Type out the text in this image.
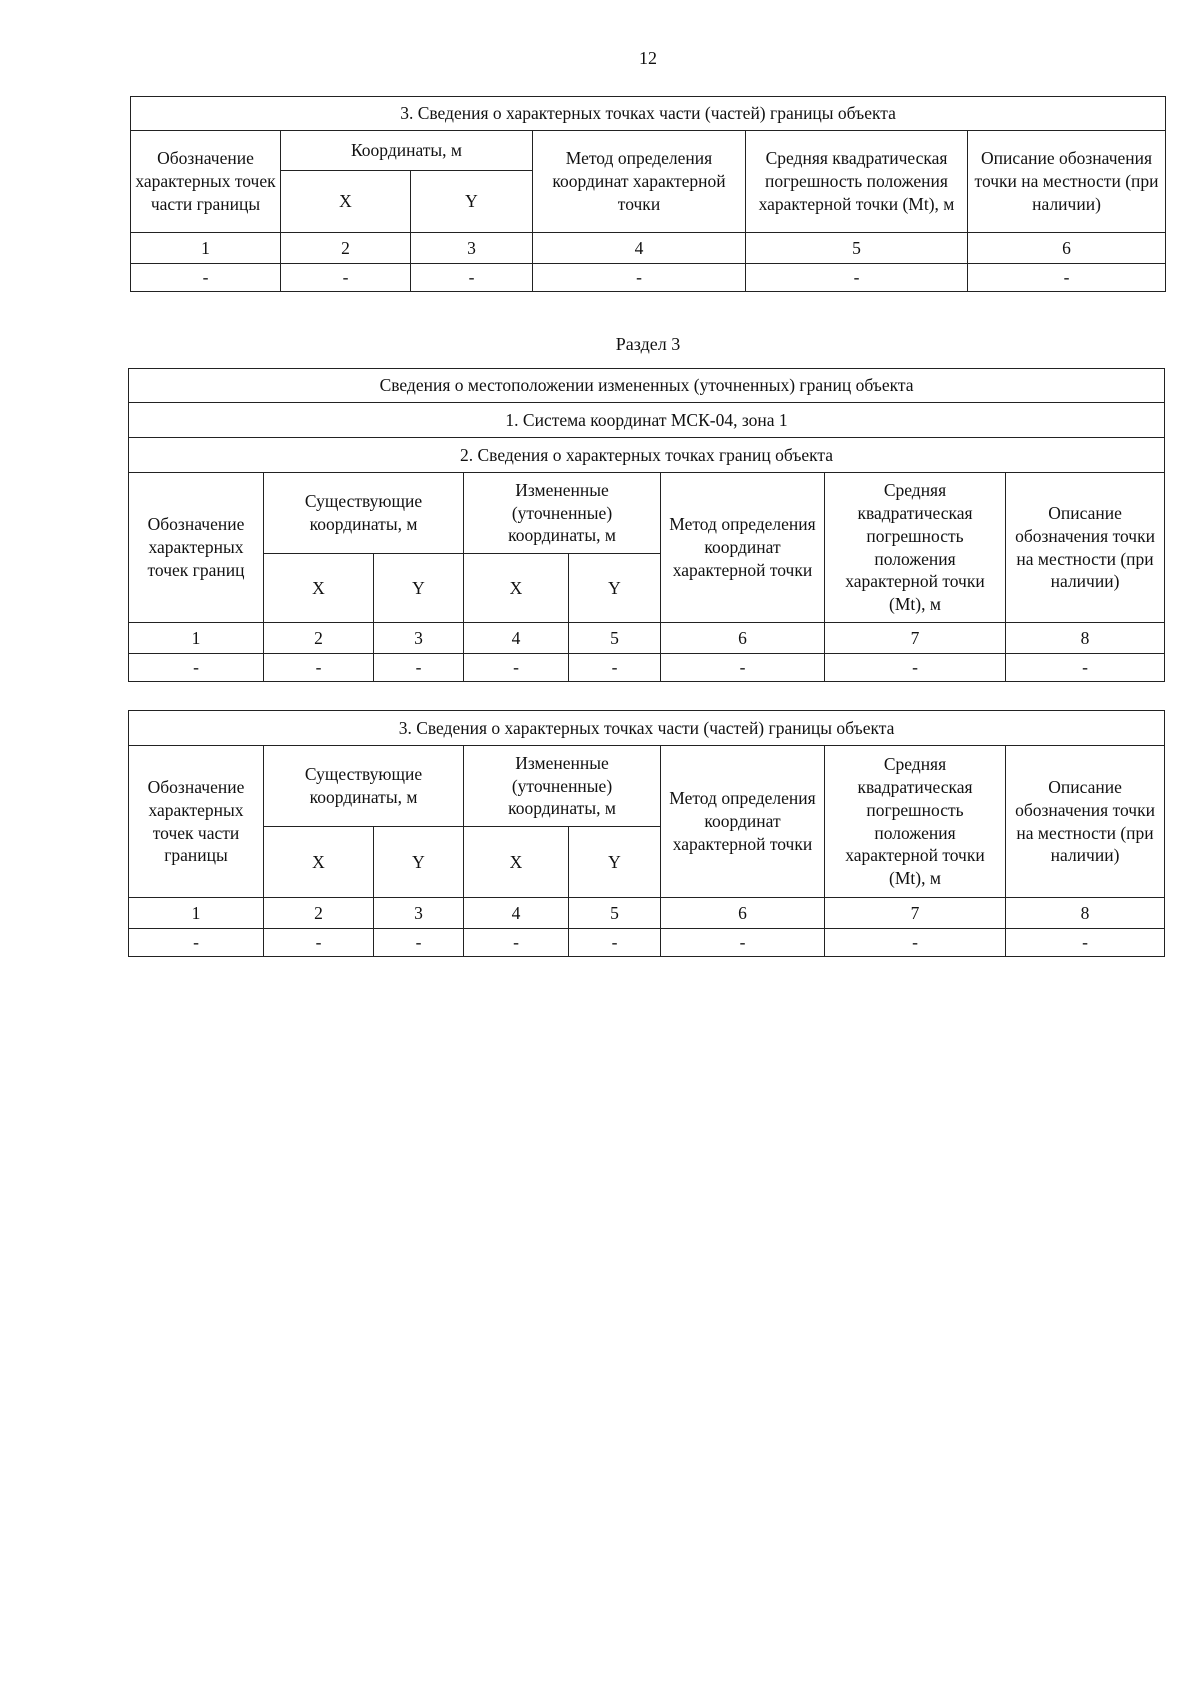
12
3. Сведения о характерных точках части (частей) границы объекта					
Обозначение характерных точек части границы	Координаты, м		Метод определения координат характерной точки	Средняя квадратическая погрешность положения характерной точки (Mt), м	Описание обозначения точки на местности (при наличии)
	X	Y			
1	2	3	4	5	6
-	-	-	-	-	-
Раздел 3
Сведения о местоположении измененных (уточненных) границ объекта							
1. Система координат МСК-04, зона 1							
2. Сведения о характерных точках границ объекта							
Обозначение характерных точек границ	Существующие координаты, м		Измененные (уточненные) координаты, м		Метод определения координат характерной точки	Средняя квадратическая погрешность положения характерной точки (Mt), м	Описание обозначения точки на местности (при наличии)
	X	Y	X	Y			
1	2	3	4	5	6	7	8
-	-	-	-	-	-	-	-
3. Сведения о характерных точках части (частей) границы объекта							
Обозначение характерных точек части границы	Существующие координаты, м		Измененные (уточненные) координаты, м		Метод определения координат характерной точки	Средняя квадратическая погрешность положения характерной точки (Mt), м	Описание обозначения точки на местности (при наличии)
	X	Y	X	Y			
1	2	3	4	5	6	7	8
-	-	-	-	-	-	-	-
